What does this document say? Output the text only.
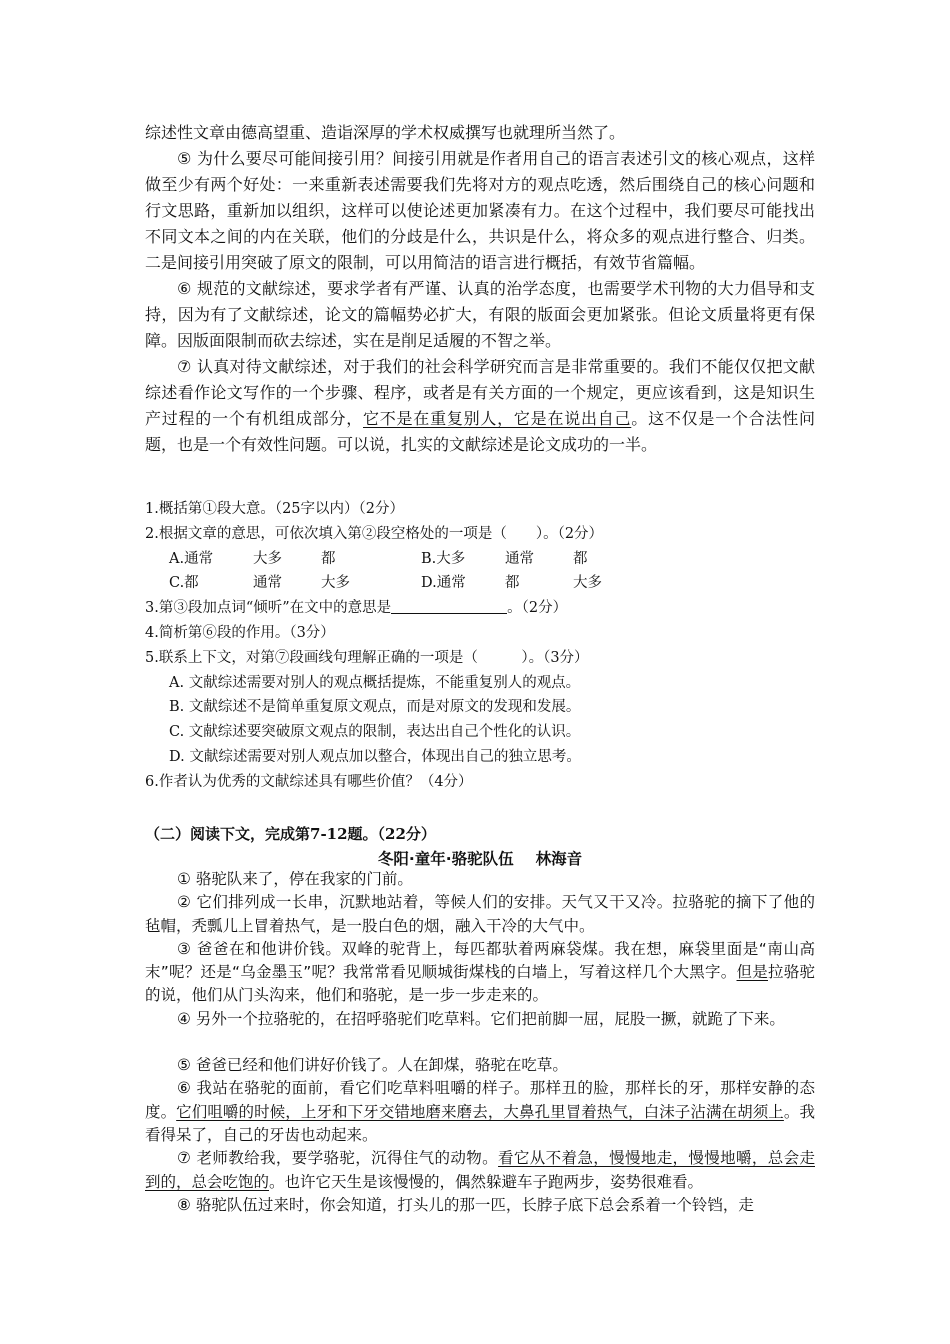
综述性文章由德高望重、造诣深厚的学术权威撰写也就理所当然了。

⑤ 为什么要尽可能间接引用？间接引用就是作者用自己的语言表述引文的核心观点，这样做至少有两个好处：一来重新表述需要我们先将对方的观点吃透，然后围绕自己的核心问题和行文思路，重新加以组织，这样可以使论述更加紧凑有力。在这个过程中，我们要尽可能找出不同文本之间的内在关联，他们的分歧是什么，共识是什么，将众多的观点进行整合、归类。二是间接引用突破了原文的限制，可以用简洁的语言进行概括，有效节省篇幅。

⑥ 规范的文献综述，要求学者有严谨、认真的治学态度，也需要学术刊物的大力倡导和支持，因为有了文献综述，论文的篇幅势必扩大，有限的版面会更加紧张。但论文质量将更有保障。因版面限制而砍去综述，实在是削足适履的不智之举。

⑦ 认真对待文献综述，对于我们的社会科学研究而言是非常重要的。我们不能仅仅把文献综述看作论文写作的一个步骤、程序，或者是有关方面的一个规定，更应该看到，这是知识生产过程的一个有机组成部分，它不是在重复别人，它是在说出自己。这不仅是一个合法性问题，也是一个有效性问题。可以说，扎实的文献综述是论文成功的一半。

1.概括第①段大意。（25字以内）（2分）
2.根据文章的意思，可依次填入第②段空格处的一项是（　　）。（2分）
A.通常	大多	都	B.大多	通常	都
C.都	通常	大多	D.通常	都	大多
3.第③段加点词“倾听”在文中的意思是	。（2分）
4.简析第⑥段的作用。（3分）
5.联系上下文，对第⑦段画线句理解正确的一项是（　　　）。（3分）
A. 文献综述需要对别人的观点概括提炼，不能重复别人的观点。
B. 文献综述不是简单重复原文观点，而是对原文的发现和发展。
C. 文献综述要突破原文观点的限制，表达出自己个性化的认识。
D. 文献综述需要对别人观点加以整合，体现出自己的独立思考。
6.作者认为优秀的文献综述具有哪些价值？（4分）
（二）阅读下文，完成第7-12题。（22分）
冬阳·童年·骆驼队伍 林海音

① 骆驼队来了，停在我家的门前。

② 它们排列成一长串，沉默地站着，等候人们的安排。天气又干又冷。拉骆驼的摘下了他的毡帽，秃瓢儿上冒着热气，是一股白色的烟，融入干冷的大气中。

③ 爸爸在和他讲价钱。双峰的驼背上，每匹都驮着两麻袋煤。我在想，麻袋里面是“南山高末”呢？还是“乌金墨玉”呢？我常常看见顺城街煤栈的白墙上，写着这样几个大黑字。但是拉骆驼的说，他们从门头沟来，他们和骆驼，是一步一步走来的。

④ 另外一个拉骆驼的，在招呼骆驼们吃草料。它们把前脚一屈，屁股一撅，就跪了下来。

⑤ 爸爸已经和他们讲好价钱了。人在卸煤，骆驼在吃草。

⑥ 我站在骆驼的面前，看它们吃草料咀嚼的样子。那样丑的脸，那样长的牙，那样安静的态度。它们咀嚼的时候，上牙和下牙交错地磨来磨去，大鼻孔里冒着热气，白沫子沾满在胡须上。我看得呆了，自己的牙齿也动起来。

⑦ 老师教给我，要学骆驼，沉得住气的动物。看它从不着急，慢慢地走，慢慢地嚼，总会走到的，总会吃饱的。也许它天生是该慢慢的，偶然躲避车子跑两步，姿势很难看。

⑧ 骆驼队伍过来时，你会知道，打头儿的那一匹，长脖子底下总会系着一个铃铛，走
